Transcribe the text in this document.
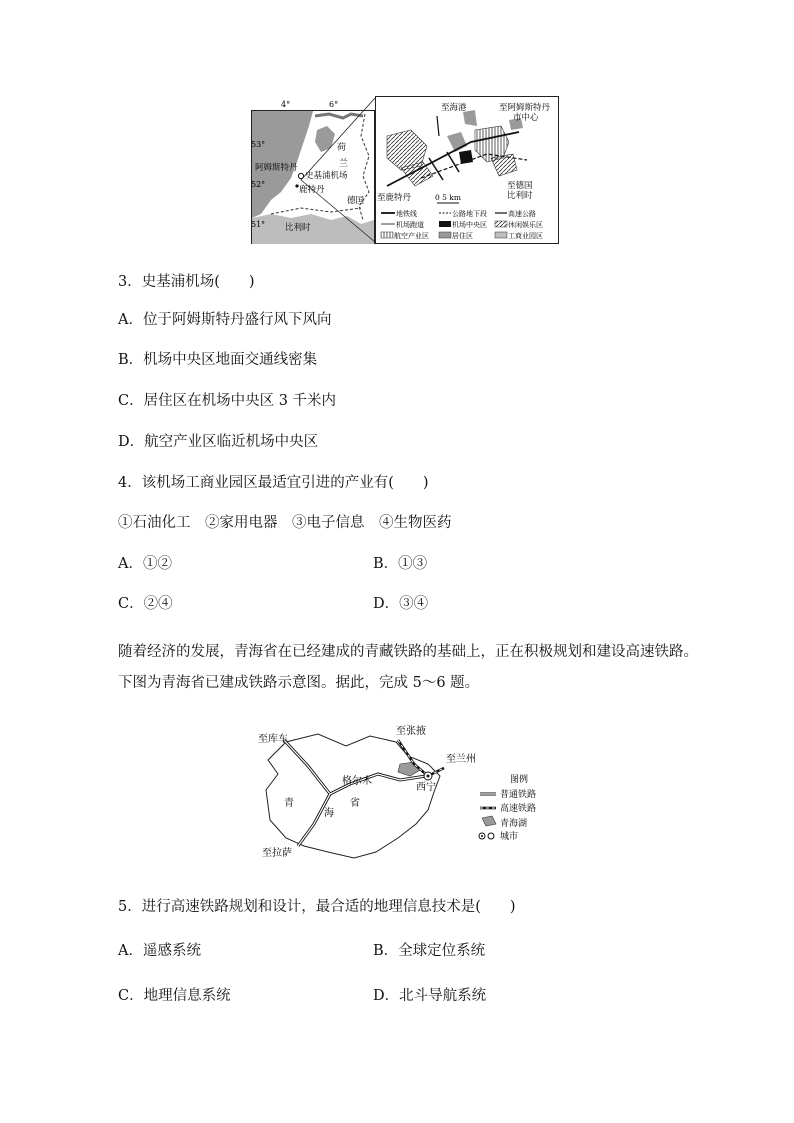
4°	6°
53°
52°
51°
荷
兰
阿姆斯特丹
史基浦机场
鹿特丹
德国
比利时
至海港	至阿姆斯特丹
市中心
至德国
比利时
至鹿特丹	0 5 km
地铁线	公路地下段	高速公路
机场跑道	机场中央区	休闲娱乐区
航空产业区	居住区	工商业园区
3．史基浦机场(　　)
A．位于阿姆斯特丹盛行风下风向
B．机场中央区地面交通线密集
C．居住区在机场中央区 3 千米内
D．航空产业区临近机场中央区
4．该机场工商业园区最适宜引进的产业有(　　)
①石油化工　②家用电器　③电子信息　④生物医药
A．①②	B．①③
C．②④	D．③④
随着经济的发展，青海省在已经建成的青藏铁路的基础上，正在积极规划和建设高速铁路。
下图为青海省已建成铁路示意图。据此，完成 5～6 题。
至库车
至张掖
至兰州
至拉萨
格尔木
西宁
青
海
省
图例
普通铁路
高速铁路
青海湖
城市
5．进行高速铁路规划和设计，最合适的地理信息技术是(　　)
A．遥感系统	B．全球定位系统
C．地理信息系统	D．北斗导航系统
